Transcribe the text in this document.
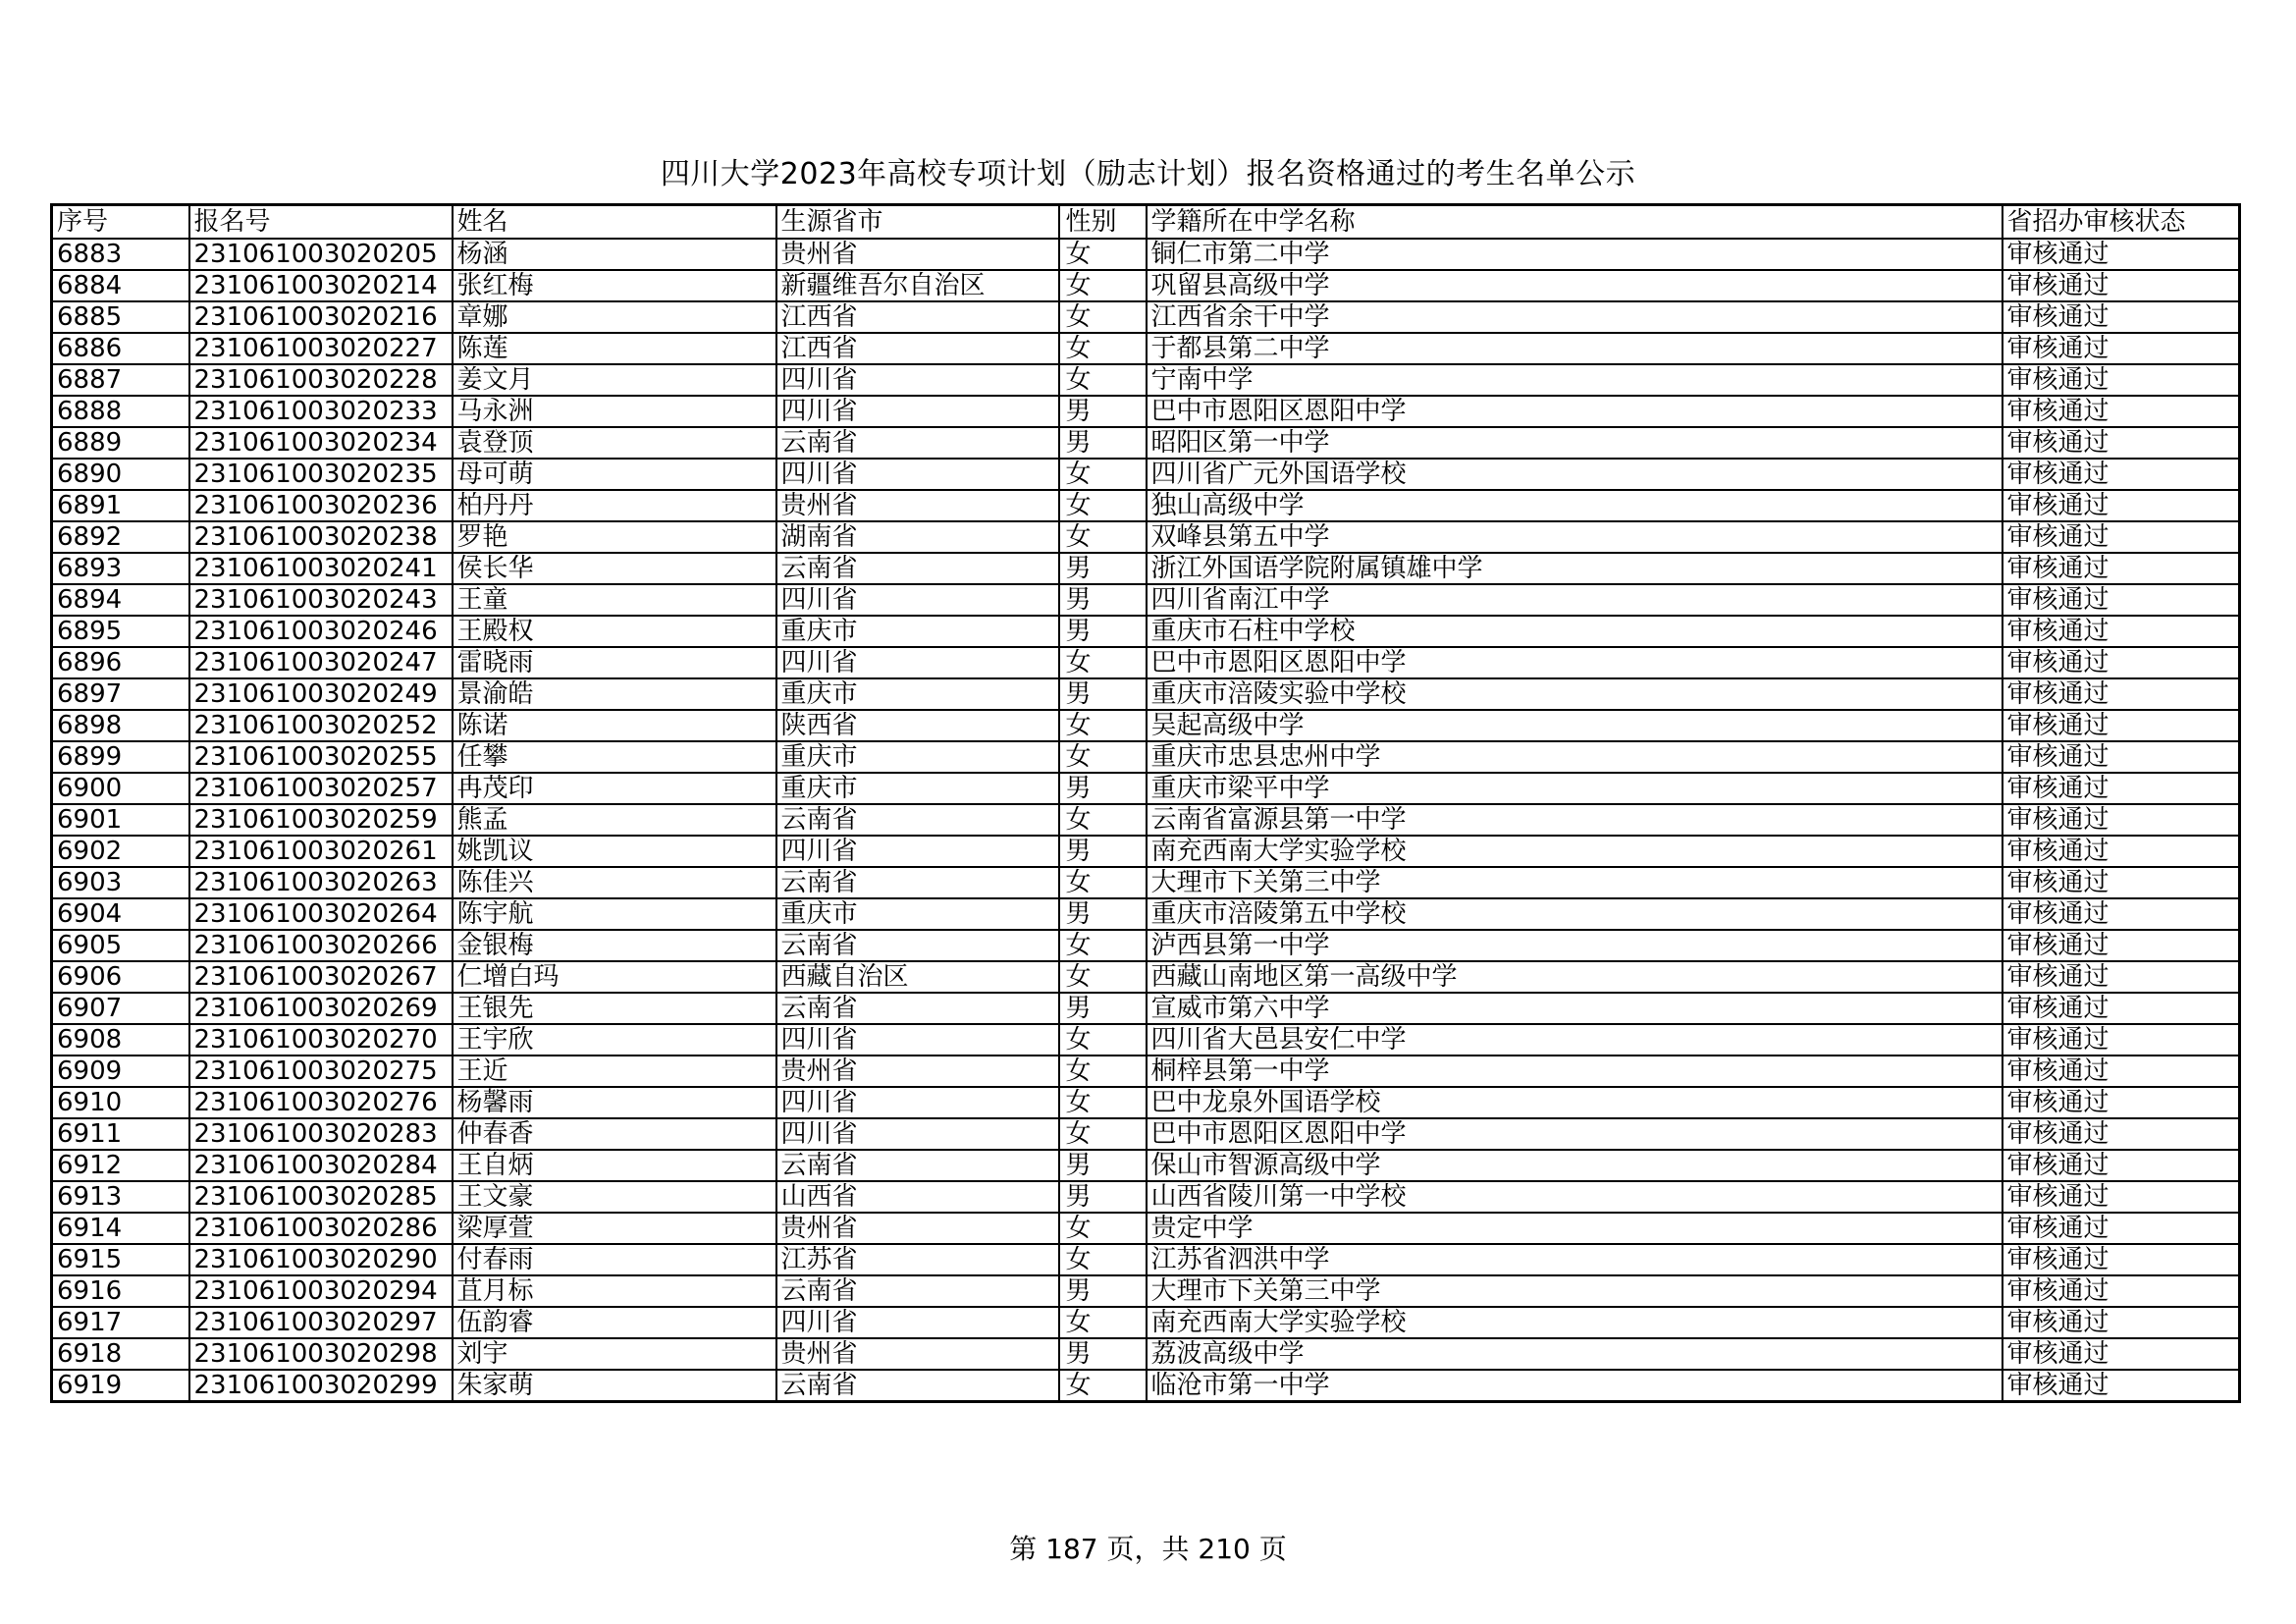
四川大学2023年高校专项计划（励志计划）报名资格通过的考生名单公示
序号	报名号	姓名	生源省市	性别	学籍所在中学名称	省招办审核状态
6883	231061003020205	杨涵	贵州省	女	铜仁市第二中学	审核通过
6884	231061003020214	张红梅	新疆维吾尔自治区	女	巩留县高级中学	审核通过
6885	231061003020216	章娜	江西省	女	江西省余干中学	审核通过
6886	231061003020227	陈莲	江西省	女	于都县第二中学	审核通过
6887	231061003020228	姜文月	四川省	女	宁南中学	审核通过
6888	231061003020233	马永洲	四川省	男	巴中市恩阳区恩阳中学	审核通过
6889	231061003020234	袁登顶	云南省	男	昭阳区第一中学	审核通过
6890	231061003020235	母可萌	四川省	女	四川省广元外国语学校	审核通过
6891	231061003020236	柏丹丹	贵州省	女	独山高级中学	审核通过
6892	231061003020238	罗艳	湖南省	女	双峰县第五中学	审核通过
6893	231061003020241	侯长华	云南省	男	浙江外国语学院附属镇雄中学	审核通过
6894	231061003020243	王童	四川省	男	四川省南江中学	审核通过
6895	231061003020246	王殿权	重庆市	男	重庆市石柱中学校	审核通过
6896	231061003020247	雷晓雨	四川省	女	巴中市恩阳区恩阳中学	审核通过
6897	231061003020249	景渝皓	重庆市	男	重庆市涪陵实验中学校	审核通过
6898	231061003020252	陈诺	陕西省	女	吴起高级中学	审核通过
6899	231061003020255	任攀	重庆市	女	重庆市忠县忠州中学	审核通过
6900	231061003020257	冉茂印	重庆市	男	重庆市梁平中学	审核通过
6901	231061003020259	熊孟	云南省	女	云南省富源县第一中学	审核通过
6902	231061003020261	姚凯议	四川省	男	南充西南大学实验学校	审核通过
6903	231061003020263	陈佳兴	云南省	女	大理市下关第三中学	审核通过
6904	231061003020264	陈宇航	重庆市	男	重庆市涪陵第五中学校	审核通过
6905	231061003020266	金银梅	云南省	女	泸西县第一中学	审核通过
6906	231061003020267	仁增白玛	西藏自治区	女	西藏山南地区第一高级中学	审核通过
6907	231061003020269	王银先	云南省	男	宣威市第六中学	审核通过
6908	231061003020270	王宇欣	四川省	女	四川省大邑县安仁中学	审核通过
6909	231061003020275	王近	贵州省	女	桐梓县第一中学	审核通过
6910	231061003020276	杨馨雨	四川省	女	巴中龙泉外国语学校	审核通过
6911	231061003020283	仲春香	四川省	女	巴中市恩阳区恩阳中学	审核通过
6912	231061003020284	王自炳	云南省	男	保山市智源高级中学	审核通过
6913	231061003020285	王文豪	山西省	男	山西省陵川第一中学校	审核通过
6914	231061003020286	梁厚萱	贵州省	女	贵定中学	审核通过
6915	231061003020290	付春雨	江苏省	女	江苏省泗洪中学	审核通过
6916	231061003020294	苴月标	云南省	男	大理市下关第三中学	审核通过
6917	231061003020297	伍韵睿	四川省	女	南充西南大学实验学校	审核通过
6918	231061003020298	刘宇	贵州省	男	荔波高级中学	审核通过
6919	231061003020299	朱家萌	云南省	女	临沧市第一中学	审核通过
第 187 页，共 210 页
